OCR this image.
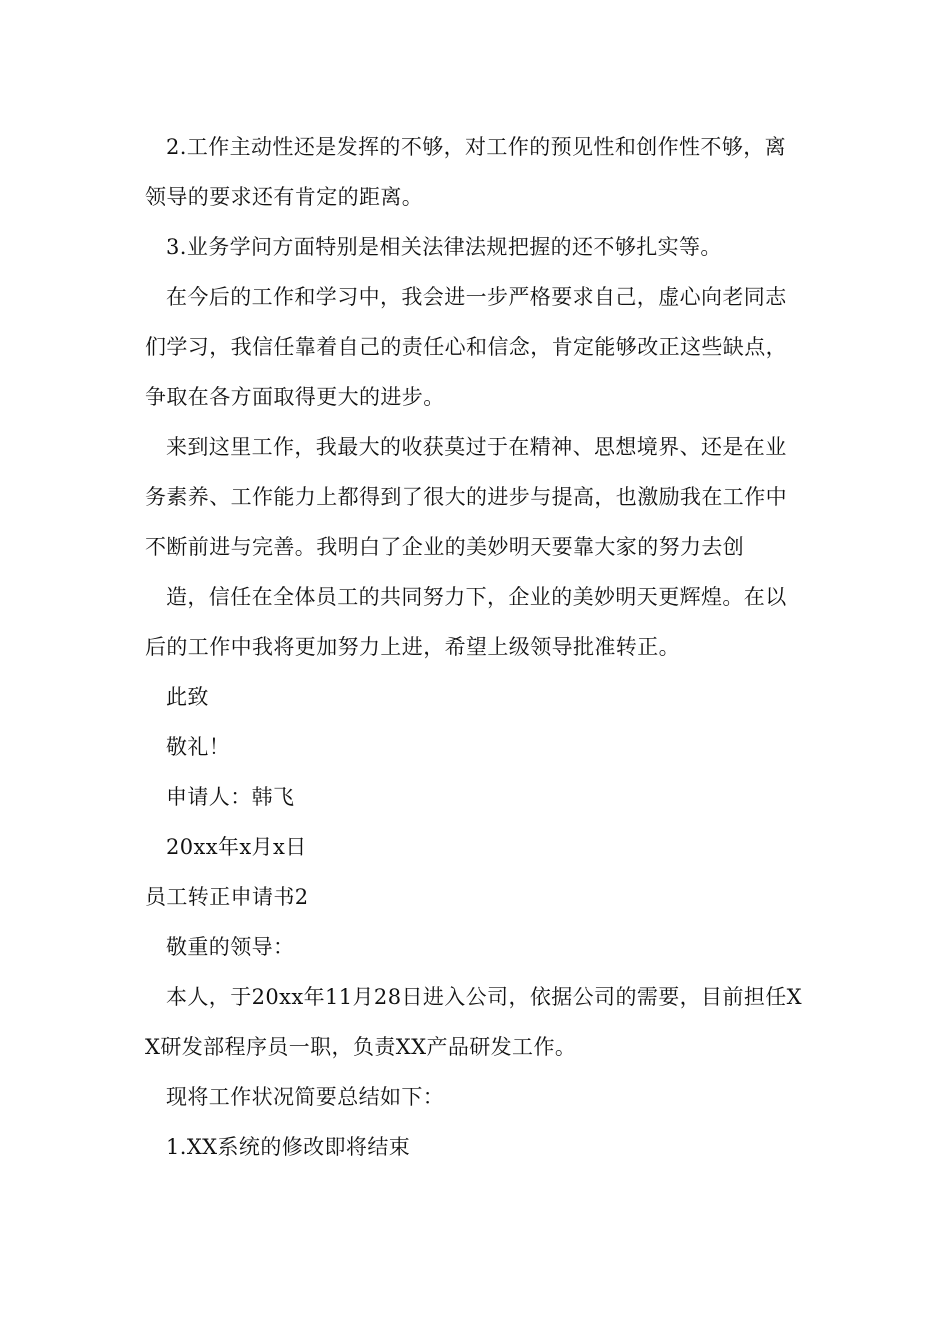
2.工作主动性还是发挥的不够，对工作的预见性和创作性不够，离领导的要求还有肯定的距离。

3.业务学问方面特别是相关法律法规把握的还不够扎实等。

在今后的工作和学习中，我会进一步严格要求自己，虚心向老同志们学习，我信任靠着自己的责任心和信念，肯定能够改正这些缺点，争取在各方面取得更大的进步。

来到这里工作，我最大的收获莫过于在精神、思想境界、还是在业务素养、工作能力上都得到了很大的进步与提高，也激励我在工作中不断前进与完善。我明白了企业的美妙明天要靠大家的努力去创

造，信任在全体员工的共同努力下，企业的美妙明天更辉煌。在以后的工作中我将更加努力上进，希望上级领导批准转正。

此致

敬礼！

申请人：韩飞

20xx年x月x日

员工转正申请书2

敬重的领导：

本人，于20xx年11月28日进入公司，依据公司的需要，目前担任XX研发部程序员一职，负责XX产品研发工作。

现将工作状况简要总结如下：

1.XX系统的修改即将结束
